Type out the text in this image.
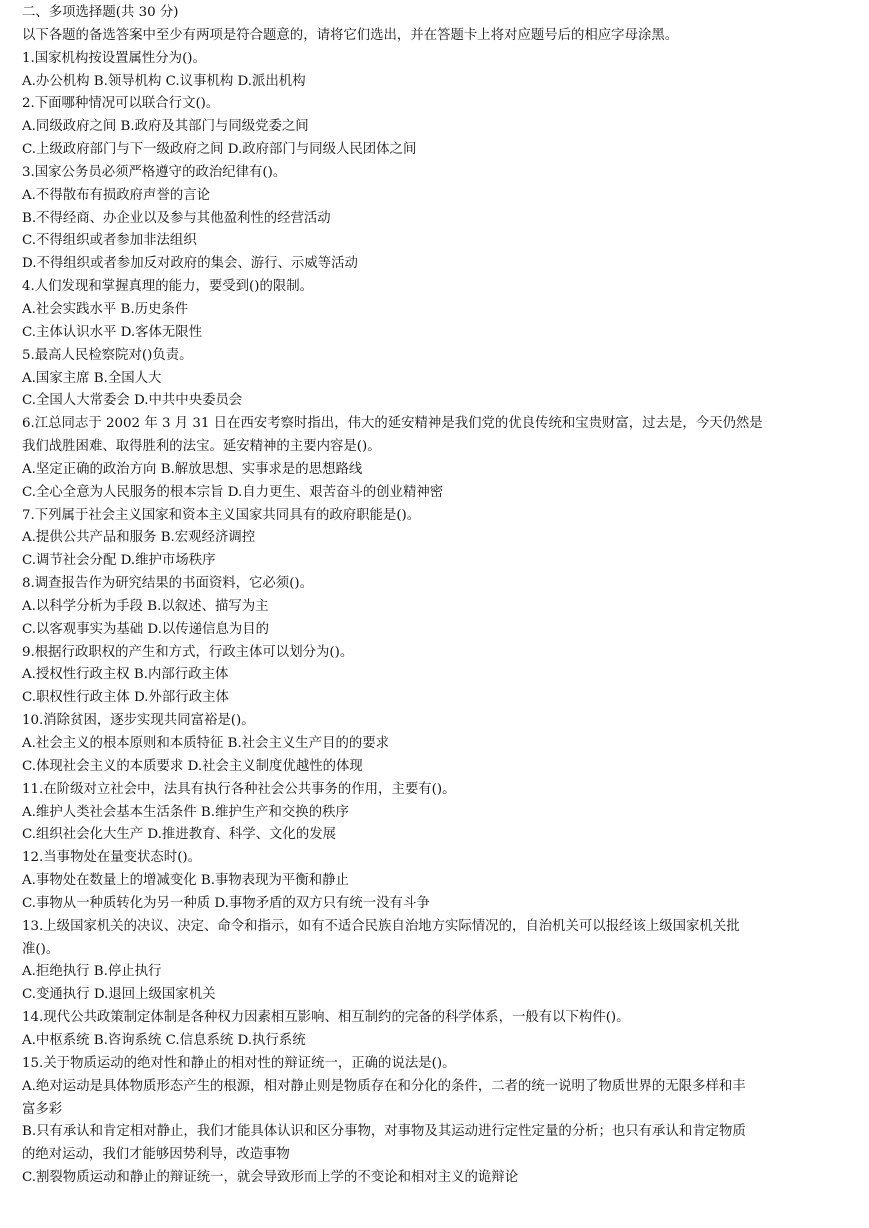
二、多项选择题(共 30 分)
以下各题的备选答案中至少有两项是符合题意的，请将它们选出，并在答题卡上将对应题号后的相应字母涂黑。
1.国家机构按设置属性分为()。
A.办公机构 B.领导机构 C.议事机构 D.派出机构
2.下面哪种情况可以联合行文()。
A.同级政府之间 B.政府及其部门与同级党委之间
C.上级政府部门与下一级政府之间 D.政府部门与同级人民团体之间
3.国家公务员必须严格遵守的政治纪律有()。
A.不得散布有损政府声誉的言论
B.不得经商、办企业以及参与其他盈利性的经营活动
C.不得组织或者参加非法组织
D.不得组织或者参加反对政府的集会、游行、示威等活动
4.人们发现和掌握真理的能力，要受到()的限制。
A.社会实践水平 B.历史条件
C.主体认识水平 D.客体无限性
5.最高人民检察院对()负责。
A.国家主席 B.全国人大
C.全国人大常委会 D.中共中央委员会
6.江总同志于 2002 年 3 月 31 日在西安考察时指出，伟大的延安精神是我们党的优良传统和宝贵财富，过去是，今天仍然是
我们战胜困难、取得胜利的法宝。延安精神的主要内容是()。
A.坚定正确的政治方向 B.解放思想、实事求是的思想路线
C.全心全意为人民服务的根本宗旨 D.自力更生、艰苦奋斗的创业精神密
7.下列属于社会主义国家和资本主义国家共同具有的政府职能是()。
A.提供公共产品和服务 B.宏观经济调控
C.调节社会分配 D.维护市场秩序
8.调查报告作为研究结果的书面资料，它必须()。
A.以科学分析为手段 B.以叙述、描写为主
C.以客观事实为基础 D.以传递信息为目的
9.根据行政职权的产生和方式，行政主体可以划分为()。
A.授权性行政主权 B.内部行政主体
C.职权性行政主体 D.外部行政主体
10.消除贫困，逐步实现共同富裕是()。
A.社会主义的根本原则和本质特征 B.社会主义生产目的的要求
C.体现社会主义的本质要求 D.社会主义制度优越性的体现
11.在阶级对立社会中，法具有执行各种社会公共事务的作用，主要有()。
A.维护人类社会基本生活条件 B.维护生产和交换的秩序
C.组织社会化大生产 D.推进教育、科学、文化的发展
12.当事物处在量变状态时()。
A.事物处在数量上的增减变化 B.事物表现为平衡和静止
C.事物从一种质转化为另一种质 D.事物矛盾的双方只有统一没有斗争
13.上级国家机关的决议、决定、命令和指示，如有不适合民族自治地方实际情况的，自治机关可以报经该上级国家机关批
准()。
A.拒绝执行 B.停止执行
C.变通执行 D.退回上级国家机关
14.现代公共政策制定体制是各种权力因素相互影响、相互制约的完备的科学体系，一般有以下构件()。
A.中枢系统 B.咨询系统 C.信息系统 D.执行系统
15.关于物质运动的绝对性和静止的相对性的辩证统一，正确的说法是()。
A.绝对运动是具体物质形态产生的根源，相对静止则是物质存在和分化的条件，二者的统一说明了物质世界的无限多样和丰
富多彩
B.只有承认和肯定相对静止，我们才能具体认识和区分事物，对事物及其运动进行定性定量的分析；也只有承认和肯定物质
的绝对运动，我们才能够因势利导，改造事物
C.割裂物质运动和静止的辩证统一，就会导致形而上学的不变论和相对主义的诡辩论
